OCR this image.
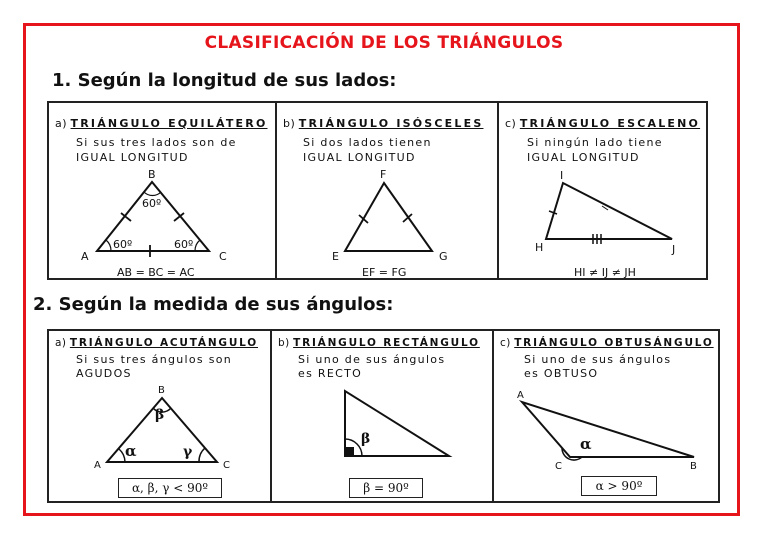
CLASIFICACIÓN DE LOS TRIÁNGULOS
1. Según la longitud de sus lados:
a) TRIÁNGULO EQUILÁTERO
Si sus tres lados son de
IGUAL LONGITUD
A
B
C
60º
60º
60º
AB = BC = AC
b) TRIÁNGULO ISÓSCELES
Si dos lados tienen
IGUAL LONGITUD
E
F
G
EF = FG
c) TRIÁNGULO ESCALENO
Si ningún lado tiene
IGUAL LONGITUD
H
I
J
HI ≠ IJ ≠ JH
2. Según la medida de sus ángulos:
a) TRIÁNGULO ACUTÁNGULO
Si sus tres ángulos son
AGUDOS
A
B
C
α
β
γ
α, β, γ < 90º
b) TRIÁNGULO RECTÁNGULO
Si uno de sus ángulos
es RECTO
β
β = 90º
c) TRIÁNGULO OBTUSÁNGULO
Si uno de sus ángulos
es OBTUSO
A
C	B
α
α > 90º
